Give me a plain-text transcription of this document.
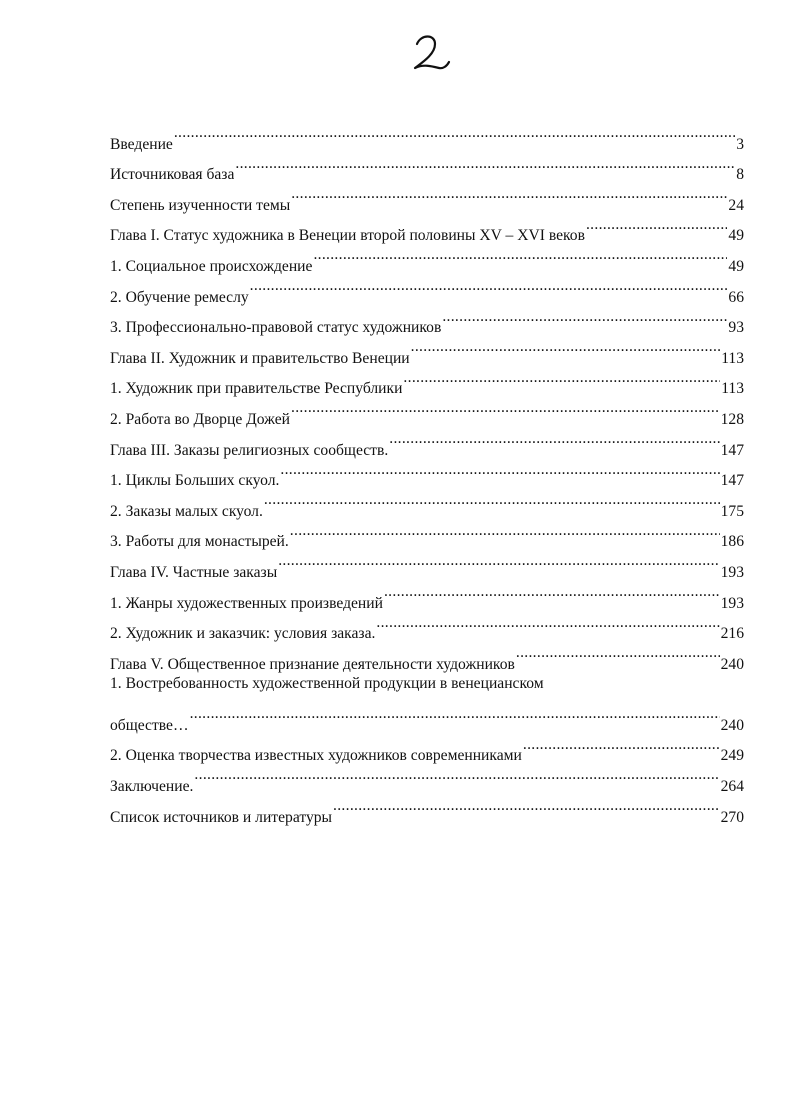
Введение .....	3
Источниковая база .....	8
Степень изученности темы .....	24
Глава I. Статус художника в Венеции второй половины XV – XVI веков .....	49
1. Социальное происхождение .....	49
2. Обучение ремеслу .....	66
3. Профессионально-правовой статус художников .....	93
Глава II. Художник и правительство Венеции .....	113
1. Художник при правительстве Республики .....	113
2. Работа во Дворце Дожей .....	128
Глава III. Заказы религиозных сообществ. .....	147
1. Циклы Больших скуол. .....	147
2. Заказы малых скуол. .....	175
3. Работы для монастырей. .....	186
Глава IV. Частные заказы .....	193
1. Жанры художественных произведений .....	193
2. Художник и заказчик: условия заказа. .....	216
Глава V. Общественное признание деятельности художников .....	240
1. Востребованность художественной продукции в венецианском
обществе… .....	240
2. Оценка творчества известных художников современниками .....	249
Заключение. .....	264
Список источников и литературы .....	270
